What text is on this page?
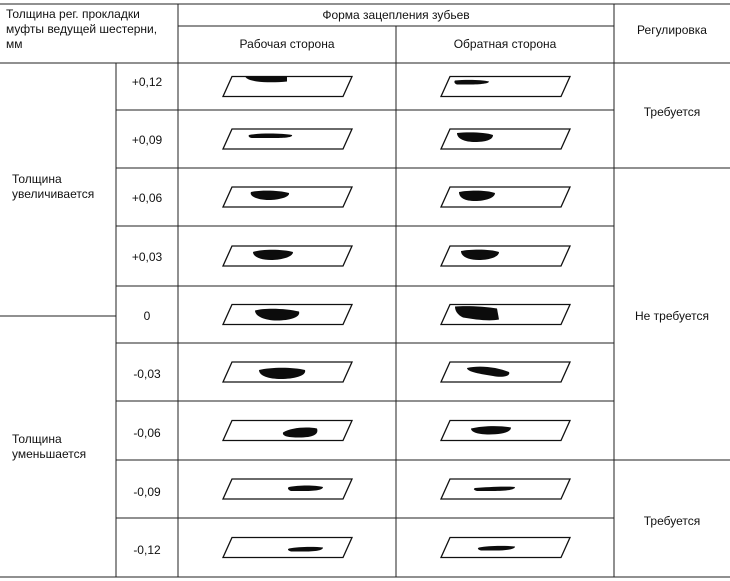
Толщина рег. прокладки
муфты ведущей шестерни,
мм
Форма зацепления зубьев
Рабочая сторона	Обратная сторона
Регулировка
Толщина
увеличивается
Толщина
уменьшается
+0,12
+0,09
+0,06
+0,03
0
-0,03
-0,06
-0,09
-0,12
Требуется
Не требуется
Требуется
